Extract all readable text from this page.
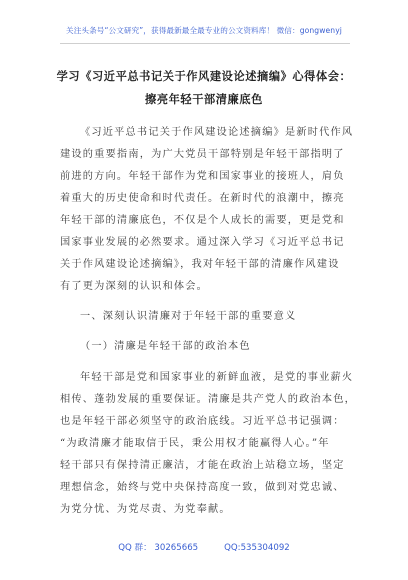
关注头条号“公文研究”，获得最新最全最专业的公文资料库！ 微信：gongwenyj
学习《习近平总书记关于作风建设论述摘编》心得体会：
擦亮年轻干部清廉底色
《习近平总书记关于作风建设论述摘编》是新时代作风
建设的重要指南，为广大党员干部特别是年轻干部指明了
前进的方向。年轻干部作为党和国家事业的接班人，肩负
着重大的历史使命和时代责任。在新时代的浪潮中，擦亮
年轻干部的清廉底色，不仅是个人成长的需要，更是党和
国家事业发展的必然要求。通过深入学习《习近平总书记
关于作风建设论述摘编》，我对年轻干部的清廉作风建设
有了更为深刻的认识和体会。
一、深刻认识清廉对于年轻干部的重要意义
（一）清廉是年轻干部的政治本色
年轻干部是党和国家事业的新鲜血液，是党的事业薪火
相传、蓬勃发展的重要保证。清廉是共产党人的政治本色，
也是年轻干部必须坚守的政治底线。习近平总书记强调：
“为政清廉才能取信于民，秉公用权才能赢得人心。”年
轻干部只有保持清正廉洁，才能在政治上站稳立场，坚定
理想信念，始终与党中央保持高度一致，做到对党忠诚、
为党分忧、为党尽责、为党奉献。
QQ 群： 30265665	QQ:535304092
